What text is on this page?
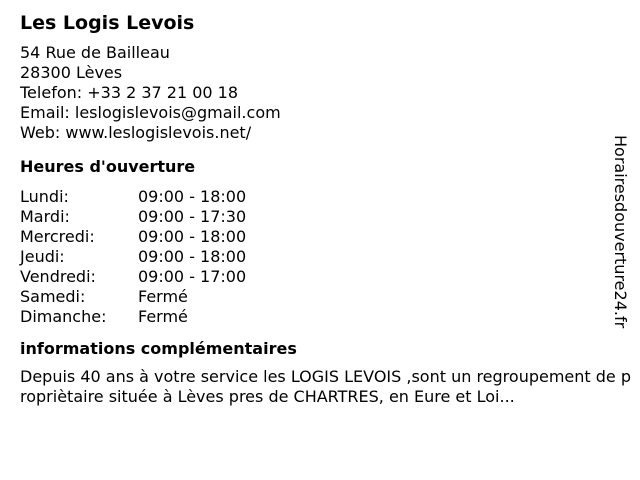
Les Logis Levois
54 Rue de Bailleau
28300 Lèves
Telefon: +33 2 37 21 00 18
Email: leslogislevois@gmail.com
Web: www.leslogislevois.net/
Heures d'ouverture
Lundi:	09:00 - 18:00
Mardi:	09:00 - 17:30
Mercredi:	09:00 - 18:00
Jeudi:	09:00 - 18:00
Vendredi:	09:00 - 17:00
Samedi:	Fermé
Dimanche:	Fermé
informations complémentaires
Depuis 40 ans à votre service les LOGIS LEVOIS ,sont un regroupement de propriètaire située à Lèves pres de CHARTRES, en Eure et Loi...
Horairesdouverture24.fr
